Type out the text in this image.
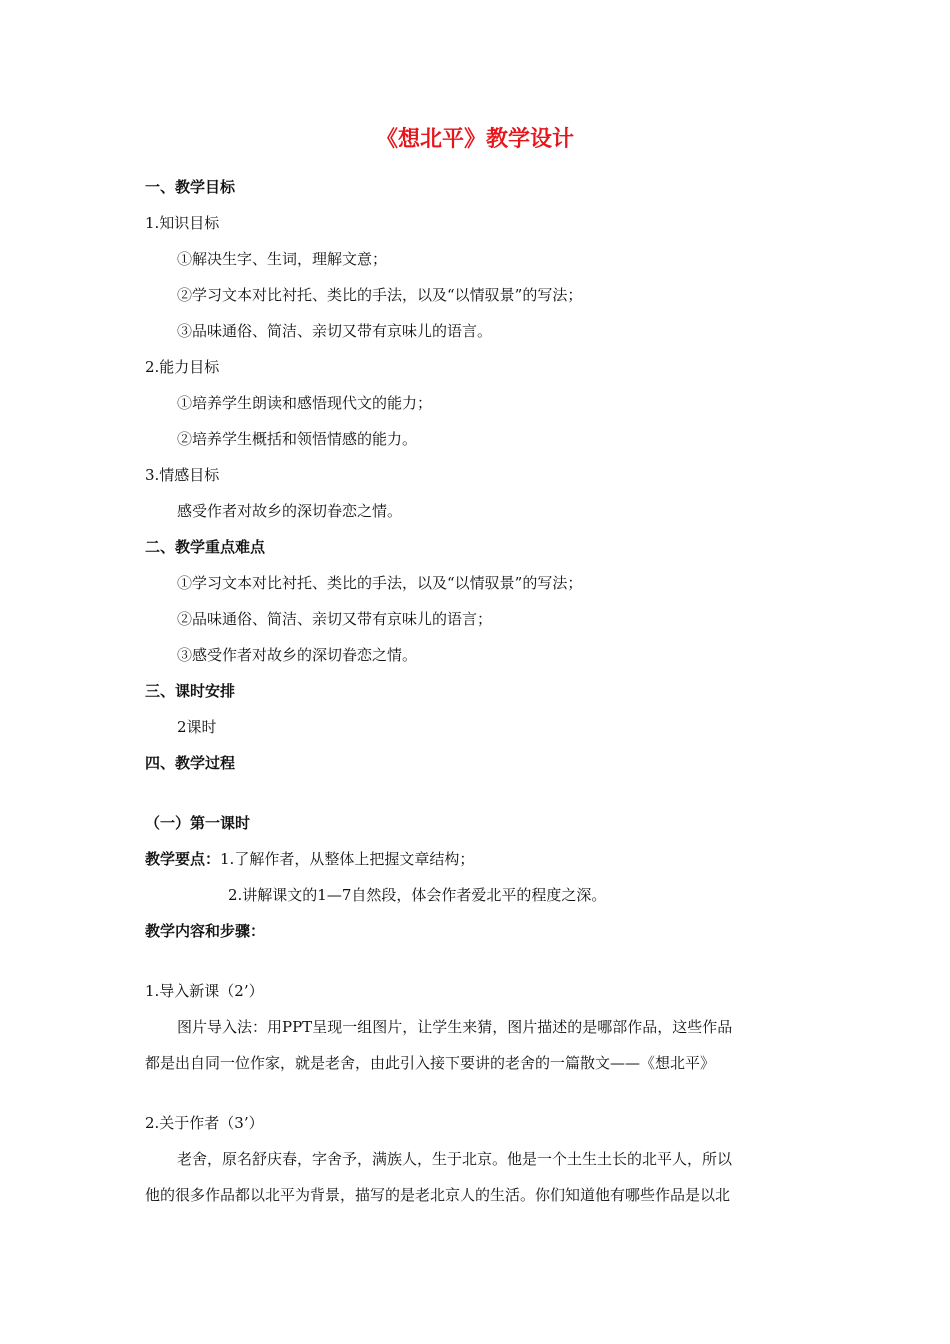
《想北平》教学设计
一、教学目标
1.知识目标
①解决生字、生词，理解文意；
②学习文本对比衬托、类比的手法，以及“以情驭景”的写法；
③品味通俗、简洁、亲切又带有京味儿的语言。
2.能力目标
①培养学生朗读和感悟现代文的能力；
②培养学生概括和领悟情感的能力。
3.情感目标
感受作者对故乡的深切眷恋之情。
二、教学重点难点
①学习文本对比衬托、类比的手法，以及“以情驭景”的写法；
②品味通俗、简洁、亲切又带有京味儿的语言；
③感受作者对故乡的深切眷恋之情。
三、课时安排
2课时
四、教学过程
（一）第一课时
教学要点：1.了解作者，从整体上把握文章结构；
2.讲解课文的1—7自然段，体会作者爱北平的程度之深。
教学内容和步骤：
1.导入新课（2’）
图片导入法：用PPT呈现一组图片，让学生来猜，图片描述的是哪部作品，这些作品
都是出自同一位作家，就是老舍，由此引入接下要讲的老舍的一篇散文——《想北平》
2.关于作者（3’）
老舍，原名舒庆春，字舍予，满族人，生于北京。他是一个土生土长的北平人，所以
他的很多作品都以北平为背景，描写的是老北京人的生活。你们知道他有哪些作品是以北
